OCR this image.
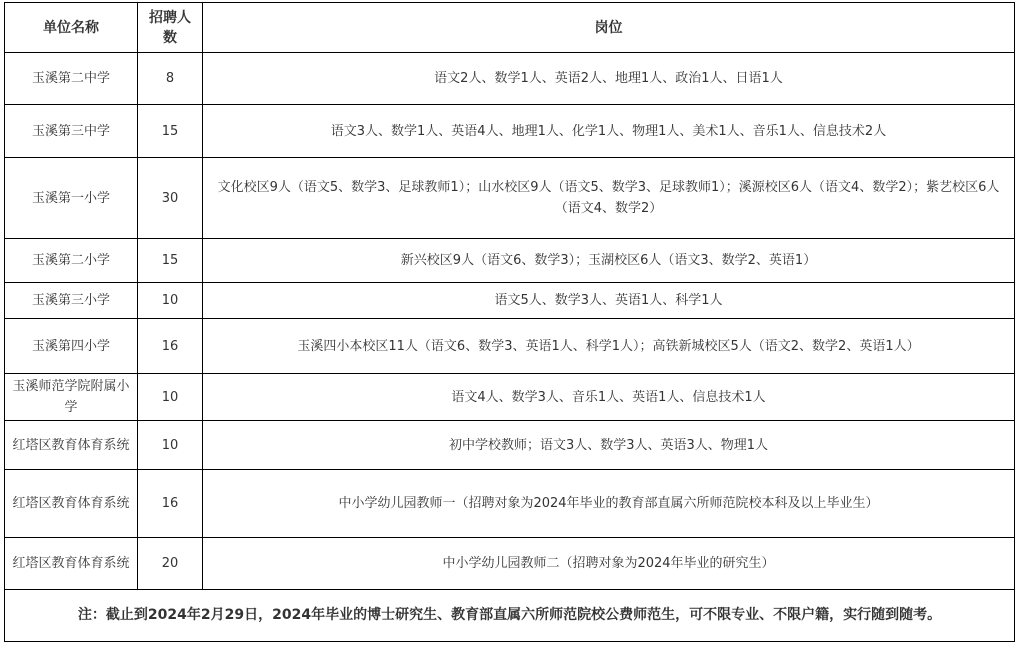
单位名称	招聘人数	岗位
玉溪第二中学	8	语文2人、数学1人、英语2人、地理1人、政治1人、日语1人
玉溪第三中学	15	语文3人、数学1人、英语4人、地理1人、化学1人、物理1人、美术1人、音乐1人、信息技术2人
玉溪第一小学	30	文化校区9人（语文5、数学3、足球教师1）；山水校区9人（语文5、数学3、足球教师1）；溪源校区6人（语文4、数学2）；紫艺校区6人（语文4、数学2）
玉溪第二小学	15	新兴校区9人（语文6、数学3）；玉湖校区6人（语文3、数学2、英语1）
玉溪第三小学	10	语文5人、数学3人、英语1人、科学1人
玉溪第四小学	16	玉溪四小本校区11人（语文6、数学3、英语1人、科学1人）；高铁新城校区5人（语文2、数学2、英语1人）
玉溪师范学院附属小学	10	语文4人、数学3人、音乐1人、英语1人、信息技术1人
红塔区教育体育系统	10	初中学校教师；语文3人、数学3人、英语3人、物理1人
红塔区教育体育系统	16	中小学幼儿园教师一（招聘对象为2024年毕业的教育部直属六所师范院校本科及以上毕业生）
红塔区教育体育系统	20	中小学幼儿园教师二（招聘对象为2024年毕业的研究生）
注：截止到2024年2月29日，2024年毕业的博士研究生、教育部直属六所师范院校公费师范生，可不限专业、不限户籍，实行随到随考。		
